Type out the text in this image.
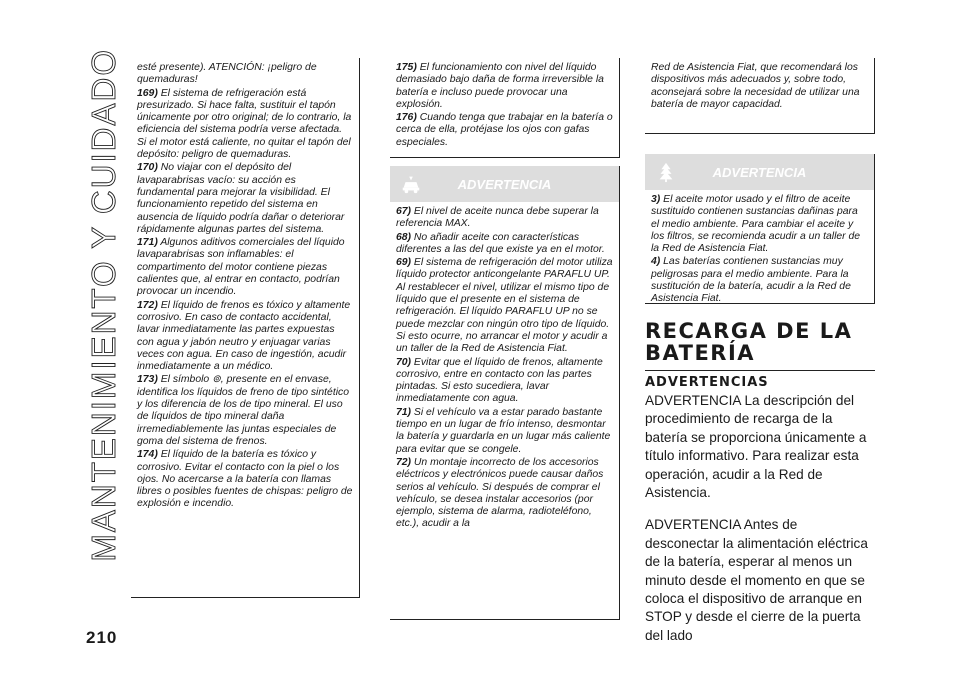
MANTENIMIENTO Y CUIDADO
210

esté presente). ATENCIÓN: ¡peligro de quemaduras!

169) El sistema de refrigeración está presurizado. Si hace falta, sustituir el tapón únicamente por otro original; de lo contrario, la eficiencia del sistema podría verse afectada. Si el motor está caliente, no quitar el tapón del depósito: peligro de quemaduras.

170) No viajar con el depósito del lavaparabrisas vacío: su acción es fundamental para mejorar la visibilidad. El funcionamiento repetido del sistema en ausencia de líquido podría dañar o deteriorar rápidamente algunas partes del sistema.

171) Algunos aditivos comerciales del líquido lavaparabrisas son inflamables: el compartimento del motor contiene piezas calientes que, al entrar en contacto, podrían provocar un incendio.

172) El líquido de frenos es tóxico y altamente corrosivo. En caso de contacto accidental, lavar inmediatamente las partes expuestas con agua y jabón neutro y enjuagar varias veces con agua. En caso de ingestión, acudir inmediatamente a un médico.

173) El símbolo ⊚, presente en el envase, identifica los líquidos de freno de tipo sintético y los diferencia de los de tipo mineral. El uso de líquidos de tipo mineral daña irremediablemente las juntas especiales de goma del sistema de frenos.

174) El líquido de la batería es tóxico y corrosivo. Evitar el contacto con la piel o los ojos. No acercarse a la batería con llamas libres o posibles fuentes de chispas: peligro de explosión e incendio.

175) El funcionamiento con nivel del líquido demasiado bajo daña de forma irreversible la batería e incluso puede provocar una explosión.

176) Cuando tenga que trabajar en la batería o cerca de ella, protéjase los ojos con gafas especiales.

ADVERTENCIA

67) El nivel de aceite nunca debe superar la referencia MAX.

68) No añadir aceite con características diferentes a las del que existe ya en el motor.

69) El sistema de refrigeración del motor utiliza líquido protector anticongelante PARAFLU UP. Al restablecer el nivel, utilizar el mismo tipo de líquido que el presente en el sistema de refrigeración. El líquido PARAFLU UP no se puede mezclar con ningún otro tipo de líquido. Si esto ocurre, no arrancar el motor y acudir a un taller de la Red de Asistencia Fiat.

70) Evitar que el líquido de frenos, altamente corrosivo, entre en contacto con las partes pintadas. Si esto sucediera, lavar inmediatamente con agua.

71) Si el vehículo va a estar parado bastante tiempo en un lugar de frío intenso, desmontar la batería y guardarla en un lugar más caliente para evitar que se congele.

72) Un montaje incorrecto de los accesorios eléctricos y electrónicos puede causar daños serios al vehículo. Si después de comprar el vehículo, se desea instalar accesorios (por ejemplo, sistema de alarma, radioteléfono, etc.), acudir a la

Red de Asistencia Fiat, que recomendará los dispositivos más adecuados y, sobre todo, aconsejará sobre la necesidad de utilizar una batería de mayor capacidad.

ADVERTENCIA

3) El aceite motor usado y el filtro de aceite sustituido contienen sustancias dañinas para el medio ambiente. Para cambiar el aceite y los filtros, se recomienda acudir a un taller de la Red de Asistencia Fiat.

4) Las baterías contienen sustancias muy peligrosas para el medio ambiente. Para la sustitución de la batería, acudir a la Red de Asistencia Fiat.

RECARGA DE LA BATERÍA
ADVERTENCIAS

ADVERTENCIA La descripción del procedimiento de recarga de la batería se proporciona únicamente a título informativo. Para realizar esta operación, acudir a la Red de Asistencia.

ADVERTENCIA Antes de desconectar la alimentación eléctrica de la batería, esperar al menos un minuto desde el momento en que se coloca el dispositivo de arranque en STOP y desde el cierre de la puerta del lado
